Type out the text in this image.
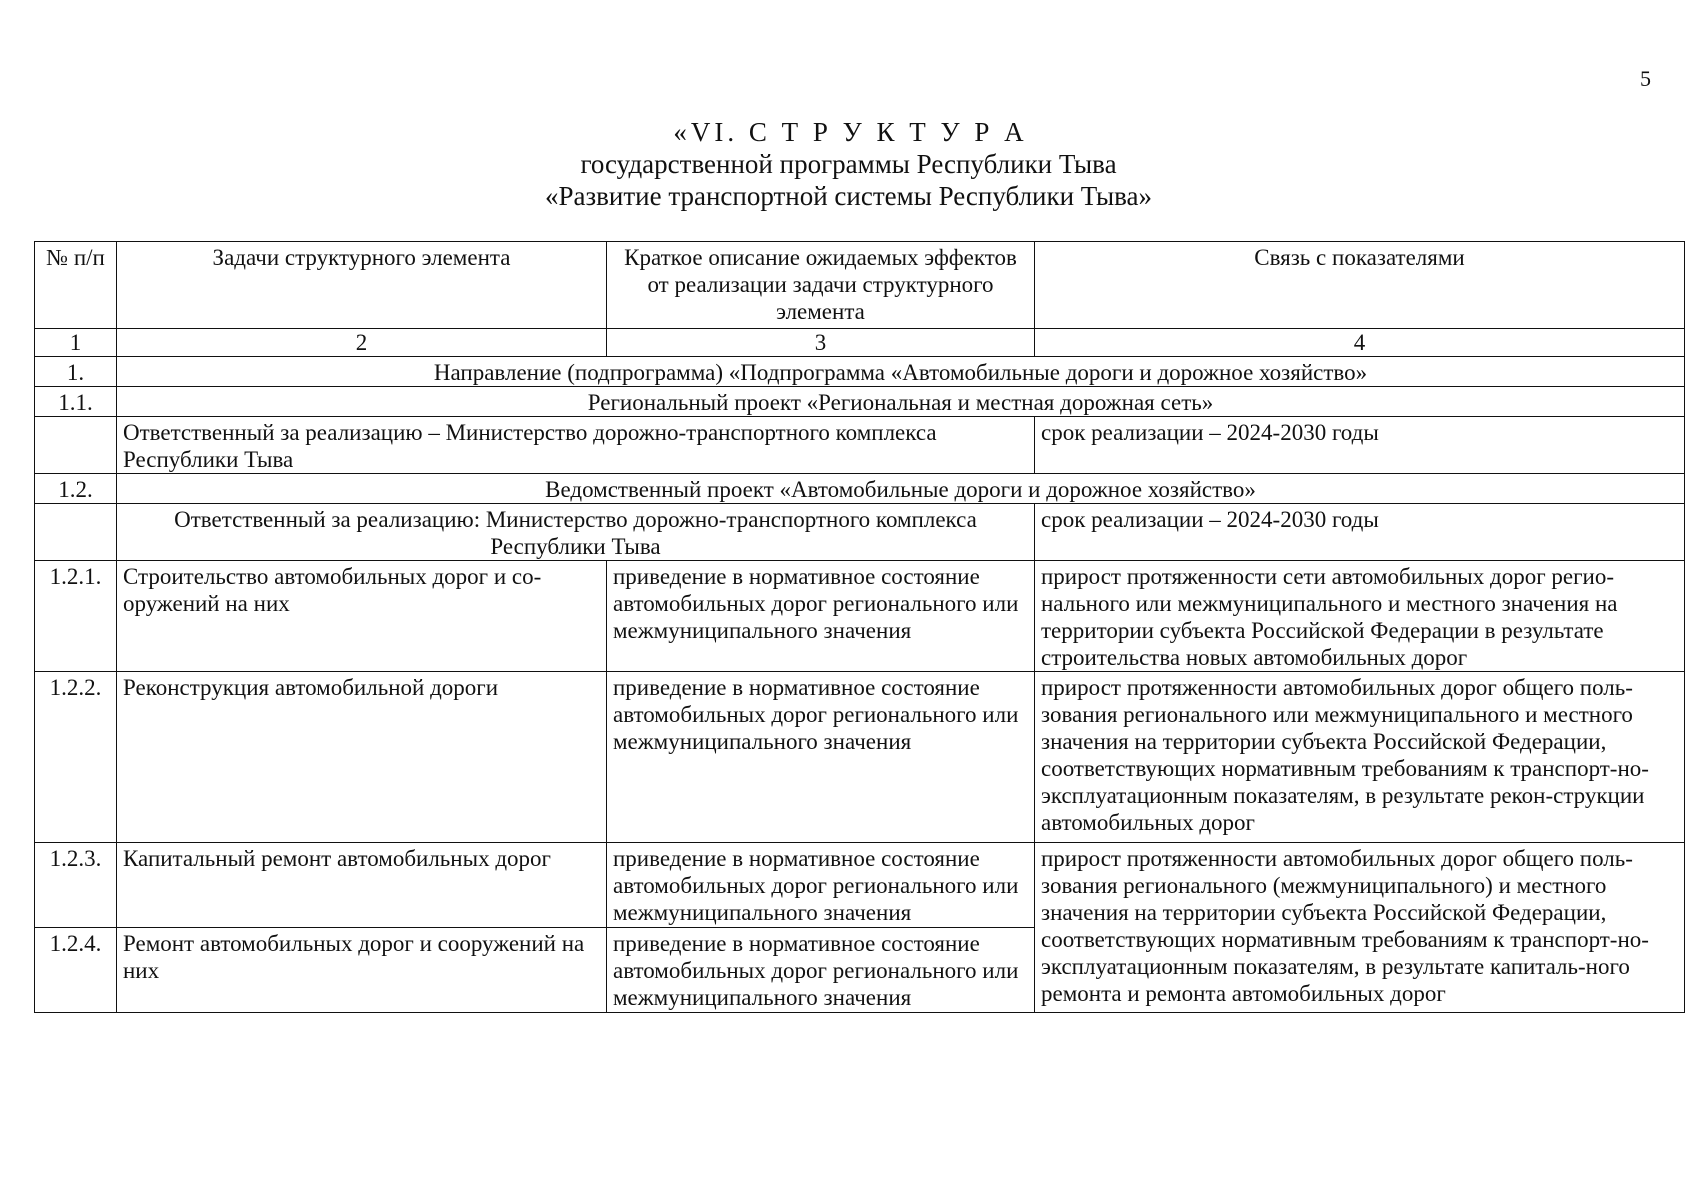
5
«VI. С Т Р У К Т У Р А
государственной программы Республики Тыва
«Развитие транспортной системы Республики Тыва»
№ п/п	Задачи структурного элемента	Краткое описание ожидаемых эффектов от реализации задачи структурного элемента	Связь с показателями
1	2	3	4
1.	Направление (подпрограмма) «Подпрограмма «Автомобильные дороги и дорожное хозяйство»		
1.1.	Региональный проект «Региональная и местная дорожная сеть»		
	Ответственный за реализацию – Министерство дорожно-транспортного комплекса Республики Тыва		срок реализации – 2024-2030 годы
1.2.	Ведомственный проект «Автомобильные дороги и дорожное хозяйство»		
	Ответственный за реализацию: Министерство дорожно-транспортного комплекса Республики Тыва		срок реализации – 2024-2030 годы
1.2.1.	Строительство автомобильных дорог и со-оружений на них	приведение в нормативное состояние автомобильных дорог регионального или межмуниципального значения	прирост протяженности сети автомобильных дорог регио-нального или межмуниципального и местного значения на территории субъекта Российской Федерации в результате строительства новых автомобильных дорог
1.2.2.	Реконструкция автомобильной дороги	приведение в нормативное состояние автомобильных дорог регионального или межмуниципального значения	прирост протяженности автомобильных дорог общего поль-зования регионального или межмуниципального и местного значения на территории субъекта Российской Федерации, соответствующих нормативным требованиям к транспорт-но-эксплуатационным показателям, в результате рекон-струкции автомобильных дорог
1.2.3.	Капитальный ремонт автомобильных дорог	приведение в нормативное состояние автомобильных дорог регионального или межмуниципального значения	прирост протяженности автомобильных дорог общего поль-зования регионального (межмуниципального) и местного значения на территории субъекта Российской Федерации, соответствующих нормативным требованиям к транспорт-но-эксплуатационным показателям, в результате капиталь-ного ремонта и ремонта автомобильных дорог
1.2.4.	Ремонт автомобильных дорог и сооружений на них	приведение в нормативное состояние автомобильных дорог регионального или межмуниципального значения	
